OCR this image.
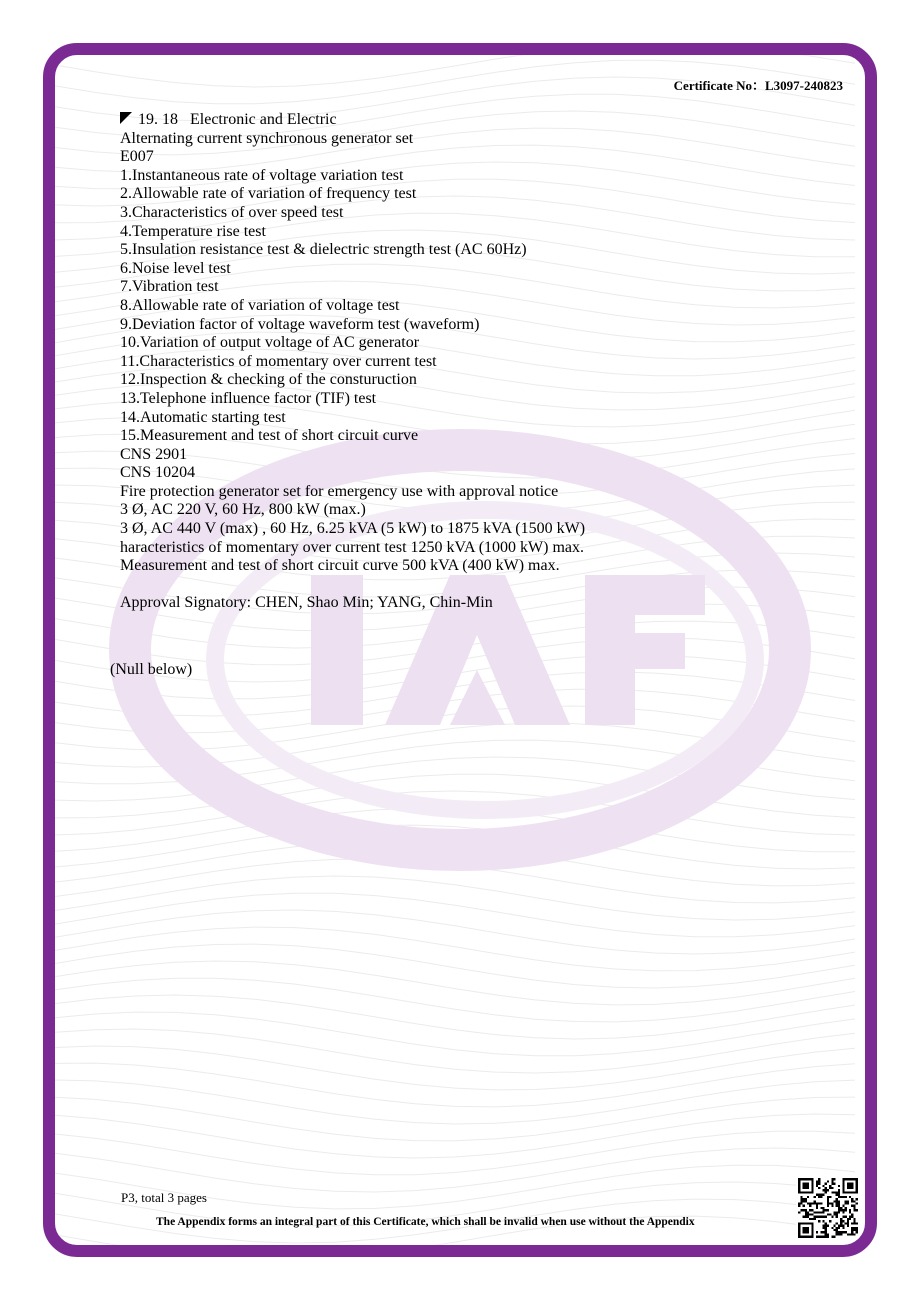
TAF
Certificate No：L3097-240823
19. 18   Electronic and Electric
Alternating current synchronous generator set
E007
1.Instantaneous rate of voltage variation test
2.Allowable rate of variation of frequency test
3.Characteristics of over speed test
4.Temperature rise test
5.Insulation resistance test & dielectric strength test (AC 60Hz)
6.Noise level test
7.Vibration test
8.Allowable rate of variation of voltage test
9.Deviation factor of voltage waveform test (waveform)
10.Variation of output voltage of AC generator
11.Characteristics of momentary over current test
12.Inspection & checking of the consturuction
13.Telephone influence factor (TIF) test
14.Automatic starting test
15.Measurement and test of short circuit curve
CNS 2901
CNS 10204
Fire protection generator set for emergency use with approval notice
3 Ø, AC 220 V, 60 Hz, 800 kW (max.)
3 Ø, AC 440 V (max) , 60 Hz, 6.25 kVA (5 kW) to 1875 kVA (1500 kW)
haracteristics of momentary over current test 1250 kVA (1000 kW) max.
Measurement and test of short circuit curve 500 kVA (400 kW) max.
Approval Signatory: CHEN, Shao Min; YANG, Chin-Min
(Null below)
P3, total 3 pages
The Appendix forms an integral part of this Certificate, which shall be invalid when use without the Appendix
